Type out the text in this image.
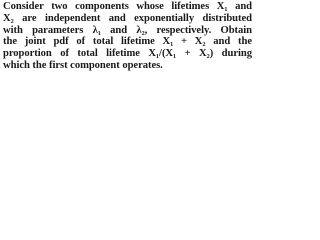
Consider two components whose lifetimes X₁ and
X₂ are independent and exponentially distributed
with parameters λ₁ and λ₂, respectively. Obtain
the joint pdf of total lifetime X₁ + X₂ and the
proportion of total lifetime X₁/(X₁ + X₂) during
which the first component operates.
